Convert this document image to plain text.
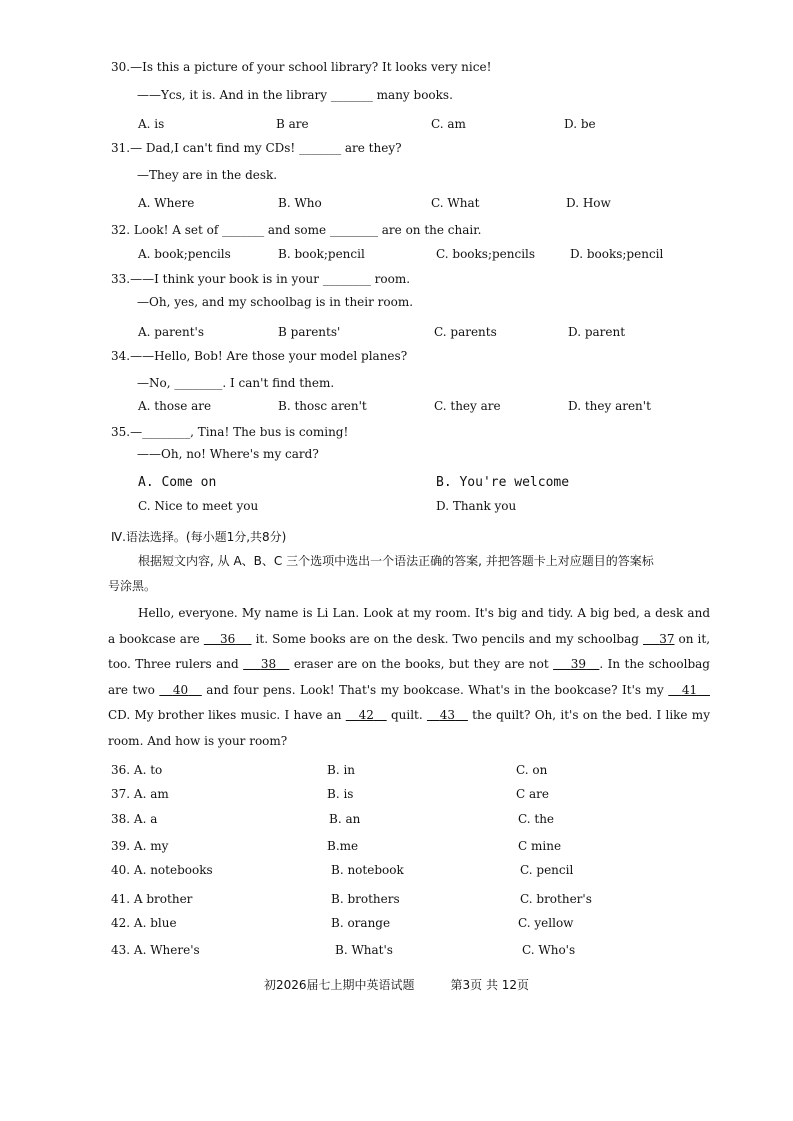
30.—Is this a picture of your school library? It looks very nice!
——Ycs, it is. And in the library _______ many books.
A. is	B are	C. am	D. be
31.— Dad,I can't find my CDs! _______ are they?
—They are in the desk.
A. Where	B. Who	C. What	D. How
32. Look! A set of _______ and some ________ are on the chair.
A. book;pencils	B. book;pencil	C. books;pencils	D. books;pencil
33.——I think your book is in your ________ room.
—Oh, yes, and my schoolbag is in their room.
A. parent's	B parents'	C. parents	D. parent
34.——Hello, Bob! Are those your model planes?
—No, ________. I can't find them.
A. those are	B. thosc aren't	C. they are	D. they aren't
35.—________, Tina! The bus is coming!
——Oh, no! Where's my card?
A. Come on	B. You're welcome
C. Nice to meet you	D. Thank you
Ⅳ.语法选择。(每小题1分,共8分)
根据短文内容, 从 A、B、C 三个选项中选出一个语法正确的答案, 并把答题卡上对应题目的答案标
号涂黑。
Hello, everyone. My name is Li Lan. Look at my room. It's big and tidy. A big bed, a desk and a bookcase are     36     it. Some books are on the desk. Two pencils and my schoolbag     37 on it, too. Three rulers and     38    eraser are on the books, but they are not     39 . In the schoolbag are two    40    and four pens. Look! That's my bookcase. What's in the bookcase? It's my    41    CD. My brother likes music. I have an    42    quilt.    43    the quilt? Oh, it's on the bed. I like my room. And how is your room?
36. A. to	B. in	C. on
37. A. am	B. is	C are
38. A. a	B. an	C. the
39. A. my	B.me	C mine
40. A. notebooks	B. notebook	C. pencil
41. A brother	B. brothers	C. brother's
42. A. blue	B. orange	C. yellow
43. A. Where's	B. What's	C. Who's
初2026届七上期中英语试题　　　第3页 共 12页
